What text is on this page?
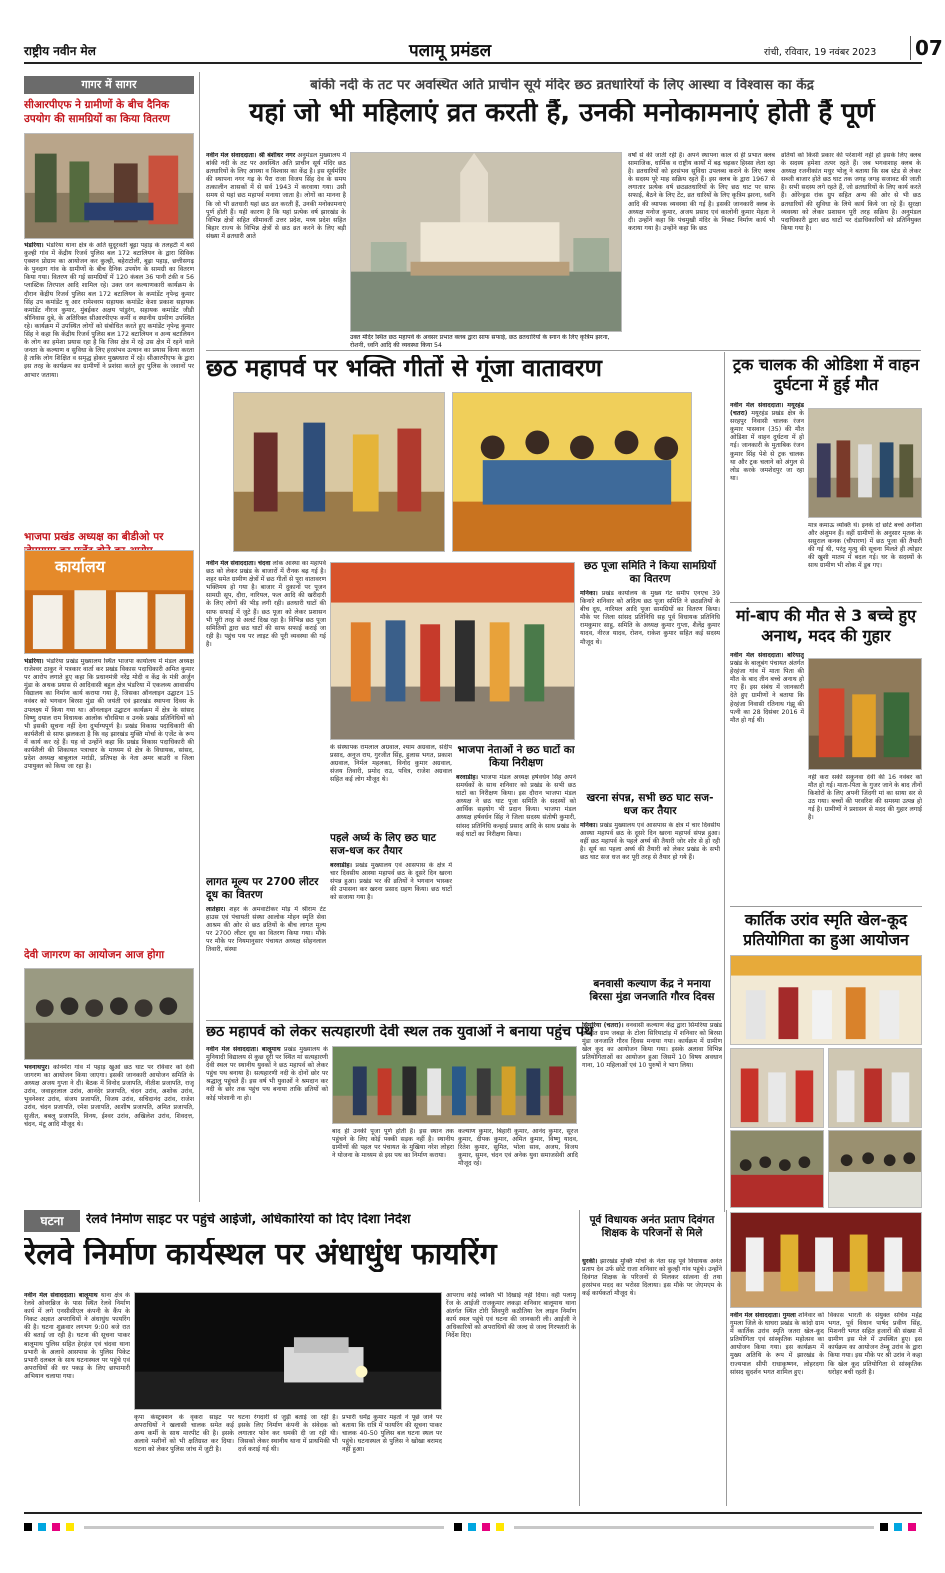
राष्ट्रीय नवीन मेल	पलामू प्रमंडल	रांची, रविवार, 19 नवंबर 2023 07
गागर में सागर
सीआरपीएफ ने ग्रामीणों के बीच दैनिक उपयोग की सामग्रियों का किया वितरण
भंडरिया। भंडरिया थाना क्षेत्र के अति सुदूरवर्ती बूढ़ा पहाड़ के तलहटी में बसे कुल्ही गांव में केंद्रीय रिजर्व पुलिस बल 172 बटालियन के द्वारा सिविक एक्शन प्रोग्राम का आयोजन कर कुल्ही, बहेराटोली, बूढ़ा पहाड़, छत्तीसगढ़ के पुनदाग गांव के ग्रामीणों के बीच दैनिक उपयोग के सामग्री का वितरण किया गया। वितरण की गई सामग्रियों में 120 कंबल 36 पानी टंकी व 56 प्लास्टिक तिरपाल आदि शामिल रहे। उक्त जन कल्याणकारी कार्यक्रम के दौरान केंद्रीय रिजर्व पुलिस बल 172 बटालियन के कमांडेंट नृपेन्द्र कुमार सिंह उप कमांडेंट यू आर रामेश्वरम सहायक कमांडेंट केशा प्रकाश सहायक कमांडेंट नीरज कुमार, मुंबईकर अक्षय पांडुरंग, सहायक कमांडेंट जीडी श्रीनिवास दुबे, के अतिरिक्त सीआरपीएफ कर्मी व स्थानीय ग्रामीण उपस्थित रहे। कार्यक्रम में उपस्थित लोगों को संबोधित करते हुए कमांडेंट नृपेन्द्र कुमार सिंह ने कहा कि केंद्रीय रिजर्व पुलिस बल 172 बटालियन व अन्य बटालियन के लोग का हमेशा प्रयास रहा है कि जिस क्षेत्र में रहे उस क्षेत्र में रहने वाले जनता के कल्याण व सुविधा के लिए हरसंभव उत्थान का प्रयास किया करता है ताकि लोग शिक्षित व समृद्ध होकर मुख्यधारा में रहे। सीआरपीएफ के द्वारा इस तरह के कार्यक्रम का ग्रामीणों ने प्रशंसा करते हुए पुलिस के जवानों पर आभार जताया।
भाजपा प्रखंड अध्यक्ष का बीडीओ पर
कार्यालय
भंडरिया। भंडरिया प्रखंड मुख्यालय स्थित भाजपा कार्यालय में मंडल अध्यक्ष राजेश्वर ठाकुर ने पत्रकार वार्ता कर प्रखंड विकास पदाधिकारी अमित कुमार पर आरोप लगाते हुए कहा कि प्रधानमंत्री नरेंद्र मोदी व केंद्र के मंत्री अर्जुन मुंडा के अथक प्रयास से आदिवासी बहुल क्षेत्र भंडरिया में एकलव्य आवासीय विद्यालय का निर्माण कार्य कराया गया है, जिसका ऑनलाइन उद्घाटन 15 नवंबर को भगवान बिरसा मुंडा की जयंती एवं झारखंड स्थापना दिवस के उपलक्ष्य में किया गया था। ऑनलाइन उद्घाटन कार्यक्रम में क्षेत्र के सांसद विष्णु दयाल राम विधायक आलोक चौरसिया व उनके प्रखंड प्रतिनिधियों को भी इसकी सूचना नहीं देना दुर्भाग्यपूर्ण है। प्रखंड विकास पदाधिकारी की कार्यशैली से साफ झलकता है कि वह झारखंड मुक्ति मोर्चा के एजेंट के रूप में कार्य कर रहे हैं। यह वो उन्होंने कहा कि प्रखंड विकास पदाधिकारी की कार्यशैली की शिकायत पत्राचार के माध्यम से क्षेत्र के विधायक, सांसद, प्रदेश अध्यक्ष बाबूलाल मरांडी, प्रतिपक्ष के नेता अमर बाउरी व जिला उपायुक्त को किया जा रहा है।
देवी जागरण का आयोजन आज होगा
भवनाथपुर। कोनमेंरा गांव में पहाड़ खुआं छठ घाट पर रविवार को देवी जागरण का आयोजन किया जाएगा। इसकी जानकारी आयोजन समिति के अध्यक्ष अजय गुप्ता ने दी। बैठक में विनोद प्रजापति, नीतीश प्रजापति, राजू उरांव, जवाहरलाल उरांव, आनंदेर प्रजापति, चंदन उरांव, अशोक उरांव, भुवनेश्वर उरांव, संजय प्रजापति, विजय उरांव, सचिदानंद उरांव, राजेश उरांव, चंदन प्रजापति, रमेश प्रजापति, आशीष प्रजापति, अमित प्रजापति, सुजीत, बबलू प्रजापति, विनय, ईश्वर उरांव, अखिलेश उरांव, शिवदत्त, चंदन, मंटू आदि मौजूद थे।
बांकी नदी के तट पर अवस्थित अति प्राचीन सूर्य मंदिर छठ व्रतधारियों के लिए आस्था व विश्वास का केंद्र
यहां जो भी महिलाएं व्रत करती हैं, उनकी मनोकामनाएं होती हैं पूर्ण
नवीन मेल संवाददाता। श्री बंशीधर नगर अनुमंडल मुख्यालय में बांकी नदी के तट पर अवस्थित अति प्राचीन सूर्य मंदिर छठ व्रतधारियों के लिए आस्था व विश्वास का केंद्र है। इस सूर्यमंदिर की स्थापना नगर गढ़ के पैरा राजा विजय सिंह देव के समय तत्कालीन शासकों में से सर्व 1943 में करवाया गया। उसी समय से यहां छठ महापर्व मनाया जाता है। लोगों का मानना है कि जो भी व्रतधारी यहां छठ व्रत करती हैं, उनकी मनोकामनाएं पूर्ण होती हैं। यही कारण है कि यहां प्रत्येक वर्ष झारखंड के विभिन्न क्षेत्रों सहित सीमावर्ती उत्तर प्रदेश, मध्य प्रदेश सहित बिहार राज्य के विभिन्न क्षेत्रों से छठ व्रत करने के लिए बड़ी संख्या में व्रतधारी आते
उक्त मंदिर स्थित छठ महापर्व के अवसर प्रभात क्लब द्वारा साफ सफाई, छठ व्रतधारियों के स्नान के लिए कृत्रिम झरना, रोशनी, ध्वनि आदि की व्यवस्था किया 54
वर्षों से की जाती रही है। अपने स्थापना काल से ही प्रभात क्लब सामाजिक, धार्मिक व राष्ट्रीय कार्यों में बढ़ चढ़कर हिस्सा लेता रहा है। व्रतधारियों को हरसंभव सुविधा उपलब्ध कराने के लिए क्लब के सदस्य पूरे माह सक्रिय रहते हैं। इस क्लब के द्वारा 1967 से लगातार प्रत्येक वर्ष छठव्रतधारियों के लिए छठ घाट पर साफ सफाई, बैठने के लिए टेंट, व्रत धारियों के लिए कृत्रिम झरना, ध्वनि आदि की व्यापक व्यवस्था की गई है। इसकी जानकारी क्लब के अध्यक्ष मनोज कुमार, अजय प्रसाद एवं कालोनी कुमार मेहता ने दी। उन्होंने कहा कि पंचमुखी मंदिर के निकट निर्माण कार्य भी कराया गया है। उन्होंने कहा कि छठ
व्रतियों को किसी प्रकार की परेशानी नहीं हो इसके लिए क्लब के सदस्य हमेशा तत्पर रहते हैं। जब भगवाशाह क्लब के अध्यक्ष रजनीकांत मधुर भोलू ने बताया कि सब स्टेड से लेकर सब्जी बाजार होते छठ घाट तक जगह जगह सजावट की जाती है। सभी सदस्य लगे रहते हैं, जो व्रतधारियों के लिए कार्य करते हैं। ओरेन्ड्रस रांक ग्रुप सहित अन्य की ओर से भी छठ व्रतधारियों की सुविधा के लिये कार्य किये जा रहे हैं। सुरक्षा व्यवस्था को लेकर प्रशासन पूरी तरह सक्रिय है। अनुमंडल पदाधिकारी द्वारा छठ घाटों पर दंडाधिकारियों को प्रतिनियुक्त किया गया है।
छठ महापर्व पर भक्ति गीतों से गूंजा वातावरण
नवीन मेल संवाददाता। चंदवा लोक आस्था का महापर्व छठ को लेकर प्रखंड के बाजारों में रौनक बढ़ गई है। शहर समेत ग्रामीण क्षेत्रों में छठ गीतों से पूरा वातावरण भक्तिमय हो गया है। बाजार में दुकानों पर पूजन सामग्री सूप, दौरा, नारियल, फल आदि की खरीदारी के लिए लोगों की भीड़ लगी रही। व्रतधारी घाटों की साफ सफाई में जुटे हैं। छठ पूजा को लेकर प्रशासन भी पूरी तरह से अलर्ट दिख रहा है। विभिन्न छठ पूजा समितियों द्वारा छठ घाटों की साफ सफाई कराई जा रही है। पहुंच पथ पर लाइट की पूरी व्यवस्था की गई है।
लागत मूल्य पर 2700 लीटर दूध का वितरण
लातेहार। शहर के अमवाटीकर मोड़ में श्रीराम टेंट हाउस एवं पंचायती संस्था आलोक मोहन स्मृति सेवा आश्रम की ओर से छठ व्रतियों के बीच लागत मूल्य पर 2700 लीटर दूध का वितरण किया गया। मौके पर मौके पर नियमानुसार पंचायत अध्यक्ष सोहनलाल तिवारी, संस्था
के संस्थापक रामलाल अग्रवाल, श्याम अग्रवाल, संदीप प्रसाद, अनुज राय, गुरजीत सिंह, हुलास भगत, प्रकाश अग्रवाल, निर्मल महलका, विनोद कुमार अग्रवाल, संजय तिवारी, प्रमोद राउ, पवित्र, राजेश अग्रवाल सहित कई लोग मौजूद थे।
पहले अर्घ्य के लिए छठ घाट सज-धज कर तैयार
बरवाडीह। प्रखंड मुख्यालय एवं आसपास के क्षेत्र में चार दिवसीय आस्था महापर्व छठ के दूसरे दिन खरना संपन्न हुआ। प्रखंड भर की व्रतियों ने भगवान भास्कर की उपासना कर खरना प्रसाद ग्रहण किया। छठ घाटों को सजाया गया है।
भाजपा नेताओं ने छठ घाटों का किया निरीक्षण
बरवाडीह। भाजपा मंडल अध्यक्ष हर्षवर्धन सिंह अपने समर्थकों के साथ शनिवार को प्रखंड के सभी छठ घाटों का निरीक्षण किया। इस दौरान भाजपा मंडल अध्यक्ष ने छठ घाट पूजा समिति के सदस्यों को आर्थिक सहयोग भी प्रदान किया। भाजपा मंडल अध्यक्ष हर्षवर्धन सिंह ने जिला सदस्य संतोषी कुमारी, सांसद प्रतिनिधि कन्हाई प्रसाद आदि के साथ प्रखंड के कई घाटों का निरीक्षण किया।
छठ पूजा समिति ने किया सामग्रियों का वितरण
मनिका। प्रखंड कार्यालय के मुख्य गेट समीप एनएच 39 किनारे शनिवार को अदित्य छठ पूजा समिति ने छठव्रतियों के बीच दूध, नारियल आदि पूजा सामग्रियों का वितरण किया। मौके पर जिला सांसद प्रतिनिधि सह पूर्व विधायक प्रतिनिधि रामकुमार साहु, समिति के अध्यक्ष कुमार गुप्ता, शैलेंद्र कुमार यादव, नीरज यादव, रोशन, राकेश कुमार सहित कई सदस्य मौजूद थे।
खरना संपन्न, सभी छठ घाट सज-धज कर तैयार
मनिका। प्रखंड मुख्यालय एवं आसपास के क्षेत्र में चार दिवसीय आस्था महापर्व छठ के दूसरे दिन खरना महापर्व संपन्न हुआ। वहीं छठ महापर्व के पहले अर्घ्य की तैयारी जोर शोर से हो रही है। सूर्य का पहला अर्घ्य की तैयारी को लेकर प्रखंड के सभी छठ घाट सज धज कर पूरी तरह से तैयार हो गये हैं।
ट्रक चालक की ओडिशा में वाहन दुर्घटना में हुई मौत
नवीन मेल संवाददाता। मयूरहंड (चतरा) मयूरहंड प्रखंड क्षेत्र के सरहपुर निवासी चालक रंजन कुमार पासवान (35) की मौत ओडिशा में वाहन दुर्घटना में हो गई। जानकारी के मुताबिक रंजन कुमार सिंह पेशे से ट्रक चालक था और ट्रक चलाने को अंगुल से लोड करके जमशेदपुर जा रहा था।
मात्र कमाऊ व्यक्ति थे। इनके दो छोटे बच्चे अनीशा और अंशुमन हैं। वहीं ग्रामीणों के अनुसार मृतक के ससुराल कनक (चौपारण) में छठ पूजा की तैयारी की गई थी, परंतु मृत्यु की सूचना मिलते ही त्योहार की खुशी मातम में बदल गई। घर के सदस्यों के साथ ग्रामीण भी शोक में डूब गए।
मां-बाप की मौत से 3 बच्चे हुए अनाथ, मदद की गुहार
नवीन मेल संवाददाता। बरियातू प्रखंड के बालूबंग पंचायत अंतर्गत हेरहंजा गांव में माता पिता की मौत के बाद तीन बच्चे अनाथ हो गए हैं। इस संबंध में जानकारी देते हुए ग्रामीणों ने बताया कि हेरहंजा निवासी रतिनाथ गंझू की पत्नी का 28 दिसंबर 2016 में मौत हो गई थी।
नहीं करा सकी सकुनवा देवी की 16 नवंबर को मौत हो गई। माता-पिता के गुजर जाने के बाद तीनों किशोरों के लिए अपनी जिंदगी मां का साया सर से उठ गया। बच्चों की परवरिश की समस्या उत्पन्न हो गई है। ग्रामीणों ने प्रशासन से मदद की गुहार लगाई है।
कार्तिक उरांव स्मृति खेल-कूद प्रतियोगिता का हुआ आयोजन
नवीन मेल संवाददाता। गुमला शनिवार को गुमला जिले के घाघरा प्रखंड के कांदो ग्राम में कार्तिक उरांव स्मृति जतरा खेल-कूद प्रतियोगिता एवं सांस्कृतिक महोत्सव का आयोजन किया गया। इस कार्यक्रम में मुख्य अतिथि के रूप में झारखंड के राज्यपाल सीपी राधाकृष्णन, लोहरदगा सांसद सुदर्शन भगत शामिल हुए।
विकास भारती के संयुक्त सचिव महेंद्र भगत, पूर्व विधान पार्षद प्रवीण सिंह, मिशनरी भगत सहित हजारों की संख्या में ग्रामीण इस मेले में उपस्थित हुए। इस कार्यक्रम का आयोजन तेम्बू उरांव के द्वारा किया गया। इस मौके पर श्री उरांव ने कहा कि खेल कूद प्रतियोगिता से सांस्कृतिक धरोहर बची रहती है।
छठ महापर्व को लेकर सत्यहारणी देवी स्थल तक युवाओं ने बनाया पहुंच पथ
नवीन मेल संवाददाता। बालूमाथ प्रखंड मुख्यालय के मुनियादी विद्यालय से कुछ दूरी पर स्थित मां सत्यहारणी देवी स्थल पर स्थानीय युवकों ने छठ महापर्व को लेकर पहुंच पथ बनाया है। सत्यहारणी नदी के दोनों छोर पर श्रद्धालु पहुंचते हैं। इस वर्ष भी युवाओं ने श्रमदान कर नदी के छोर तक पहुंच पथ बनाया ताकि व्रतियों को कोई परेशानी ना हो।
बाद ही उनकी पूजा पूर्ण होती है। इस स्थान तक पहुंचने के लिए कोई पक्की सड़क नहीं है। स्थानीय ग्रामीणों की पहल पर पंचायत के मुखिया नरेश लोहरा ने योजना के माध्यम से इस पथ का निर्माण कराया।
कल्याण कुमार, बिहारी कुमार, आनंद कुमार, सूरज कुमार, दीपक कुमार, अमित कुमार, विष्णु यादव, रितेश कुमार, सुमित, भोला साव, अजय, विजय कुमार, सुमन, चंदन एवं अनेक युवा समाजसेवी आदि मौजूद रहे।
बनवासी कल्याण केंद्र ने मनाया बिरसा मुंडा जनजाति गौरव दिवस
सिमरिया (चतरा)। वनवासी कल्याण केंद्र द्वारा सिमरिया प्रखंड अंतर्गत ग्राम जबड़ा के टोला सिरियाटांड़ में शनिवार को बिरसा मुंडा जनजाति गौरव दिवस मनाया गया। कार्यक्रम में ग्रामीण खेल कूद का आयोजन किया गया। इसके अलावा विभिन्न प्रतियोगिताओं का आयोजन हुआ जिसमें 10 विषय अवधान गाना, 10 महिलाओं एवं 10 पुरुषों ने भाग लिया।
पूर्व विधायक अनंत प्रताप दिवंगत शिक्षक के परिजनों से मिले
धुरकी। झारखंड मुक्ति मोर्चा के नेता सह पूर्व विधायक अनंत प्रताप देव उर्फ छोटे राजा शनिवार को कुल्ही गांव पहुंचे। उन्होंने दिवंगत शिक्षक के परिजनों से मिलकर सांत्वना दी तथा हरसंभव मदद का भरोसा दिलाया। इस मौके पर जेएमएम के कई कार्यकर्ता मौजूद थे।
घटना	रेलवे निर्माण साइट पर पहुंचे आईजी, अधिकारियों को दिए दिशा निर्देश
रेलवे निर्माण कार्यस्थल पर अंधाधुंध फायरिंग
नवीन मेल संवाददाता। बालूमाथ थाना क्षेत्र के रेलवे ओवरब्रिज के पास स्थित रेलवे निर्माण कार्य में लगे एनसीसीएल कंपनी के कैंप के निकट अज्ञात अपराधियों ने अंधाधुंध फायरिंग की है। घटना शुक्रवार लगभग 9:00 बजे रात की बताई जा रही है। घटना की सूचना पाकर बालूमाथ पुलिस सहित हेरहंज एवं चंदवा थाना प्रभारी के अलावे आसपास के पुलिस पिकेट प्रभारी दलबल के साथ घटनास्थल पर पहुंचे एवं अपराधियों की धर पकड़ के लिए छापामारी अभियान चलाया गया।
कृपा कंस्ट्रक्शन के वृकरा साइट पर अपराधियों ने खलासी चालक समेत कई अन्य कर्मी के साथ मारपीट की है। इसके अलावे मशीनों को भी क्षतिग्रस्त कर दिया। घटना को लेकर पुलिस जांच में जुटी है।
घटना रंगदारी से जुड़ी बताई जा रही है। इसके लिए निर्माण कंपनी के संवेदक को लगातार फोन कर धमकी दी जा रही थी। जिसको लेकर स्थानीय थाना में प्राथमिकी भी दर्ज कराई गई थी।
प्रभारी धर्मेंद्र कुमार महतो ने पूछे जाने पर बताया कि रात्रि में फायरिंग की सूचना पाकर चालक 40-50 पुलिस बल घटना स्थल पर पहुंचे। घटनास्थल से पुलिस ने खोखा बरामद नहीं हुआ।
आपराध कोई व्यक्ति भी दिखाई नहीं दिया। वहीं पलामू रेंज के आईजी राजकुमार लकड़ा शनिवार बालूमाथ थाना अंतर्गत स्थित टोरी शिवपुरी कठौतिया रेल लाइन निर्माण कार्य स्थल पहुंचे एवं घटना की जानकारी ली। आईजी ने अधिकारियों को अपराधियों की जल्द से जल्द गिरफ्तारी के निर्देश दिए।
